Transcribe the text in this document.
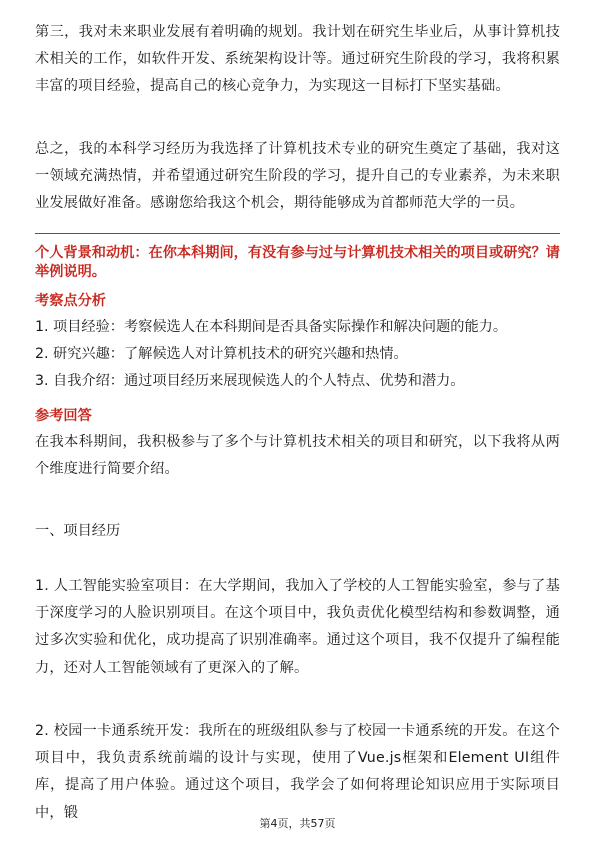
第三，我对未来职业发展有着明确的规划。我计划在研究生毕业后，从事计算机技术相关的工作，如软件开发、系统架构设计等。通过研究生阶段的学习，我将积累丰富的项目经验，提高自己的核心竞争力，为实现这一目标打下坚实基础。

总之，我的本科学习经历为我选择了计算机技术专业的研究生奠定了基础，我对这一领域充满热情，并希望通过研究生阶段的学习，提升自己的专业素养，为未来职业发展做好准备。感谢您给我这个机会，期待能够成为首都师范大学的一员。

个人背景和动机：在你本科期间，有没有参与过与计算机技术相关的项目或研究？请举例说明。

考察点分析

1. 项目经验：考察候选人在本科期间是否具备实际操作和解决问题的能力。

2. 研究兴趣：了解候选人对计算机技术的研究兴趣和热情。

3. 自我介绍：通过项目经历来展现候选人的个人特点、优势和潜力。

参考回答

在我本科期间，我积极参与了多个与计算机技术相关的项目和研究，以下我将从两个维度进行简要介绍。

一、项目经历

1. 人工智能实验室项目：在大学期间，我加入了学校的人工智能实验室，参与了基于深度学习的人脸识别项目。在这个项目中，我负责优化模型结构和参数调整，通过多次实验和优化，成功提高了识别准确率。通过这个项目，我不仅提升了编程能力，还对人工智能领域有了更深入的了解。

2. 校园一卡通系统开发：我所在的班级组队参与了校园一卡通系统的开发。在这个项目中，我负责系统前端的设计与实现，使用了Vue.js框架和Element UI组件库，提高了用户体验。通过这个项目，我学会了如何将理论知识应用于实际项目中，锻

第4页，共57页
